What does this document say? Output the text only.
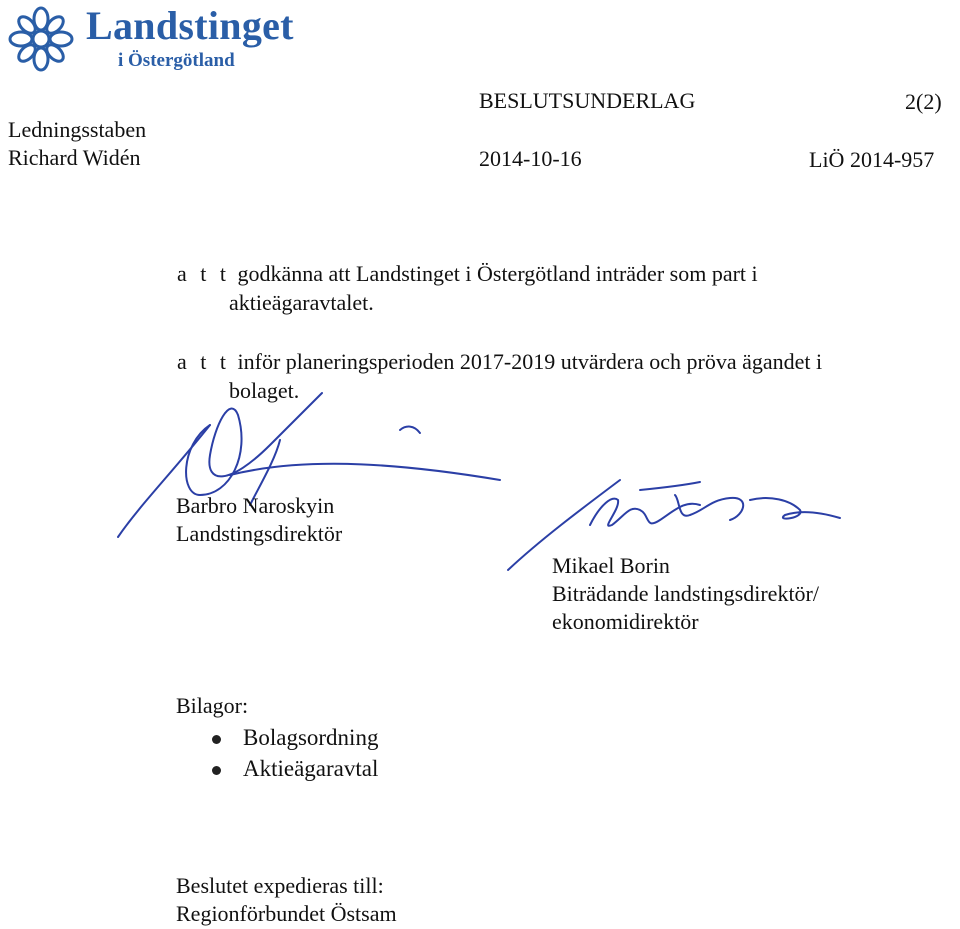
Landstinget
i Östergötland
BESLUTSUNDERLAG	2(2)
Ledningsstaben
Richard Widén	2014-10-16	LiÖ 2014-957
a t t godkänna att Landstinget i Östergötland inträder som part i
aktieägaravtalet.
a t t inför planeringsperioden 2017-2019 utvärdera och pröva ägandet i
bolaget.
Barbro Naroskyin
Landstingsdirektör
Mikael Borin
Biträdande landstingsdirektör/
ekonomidirektör
Bilagor:
Bolagsordning
Aktieägaravtal
Beslutet expedieras till:
Regionförbundet Östsam
